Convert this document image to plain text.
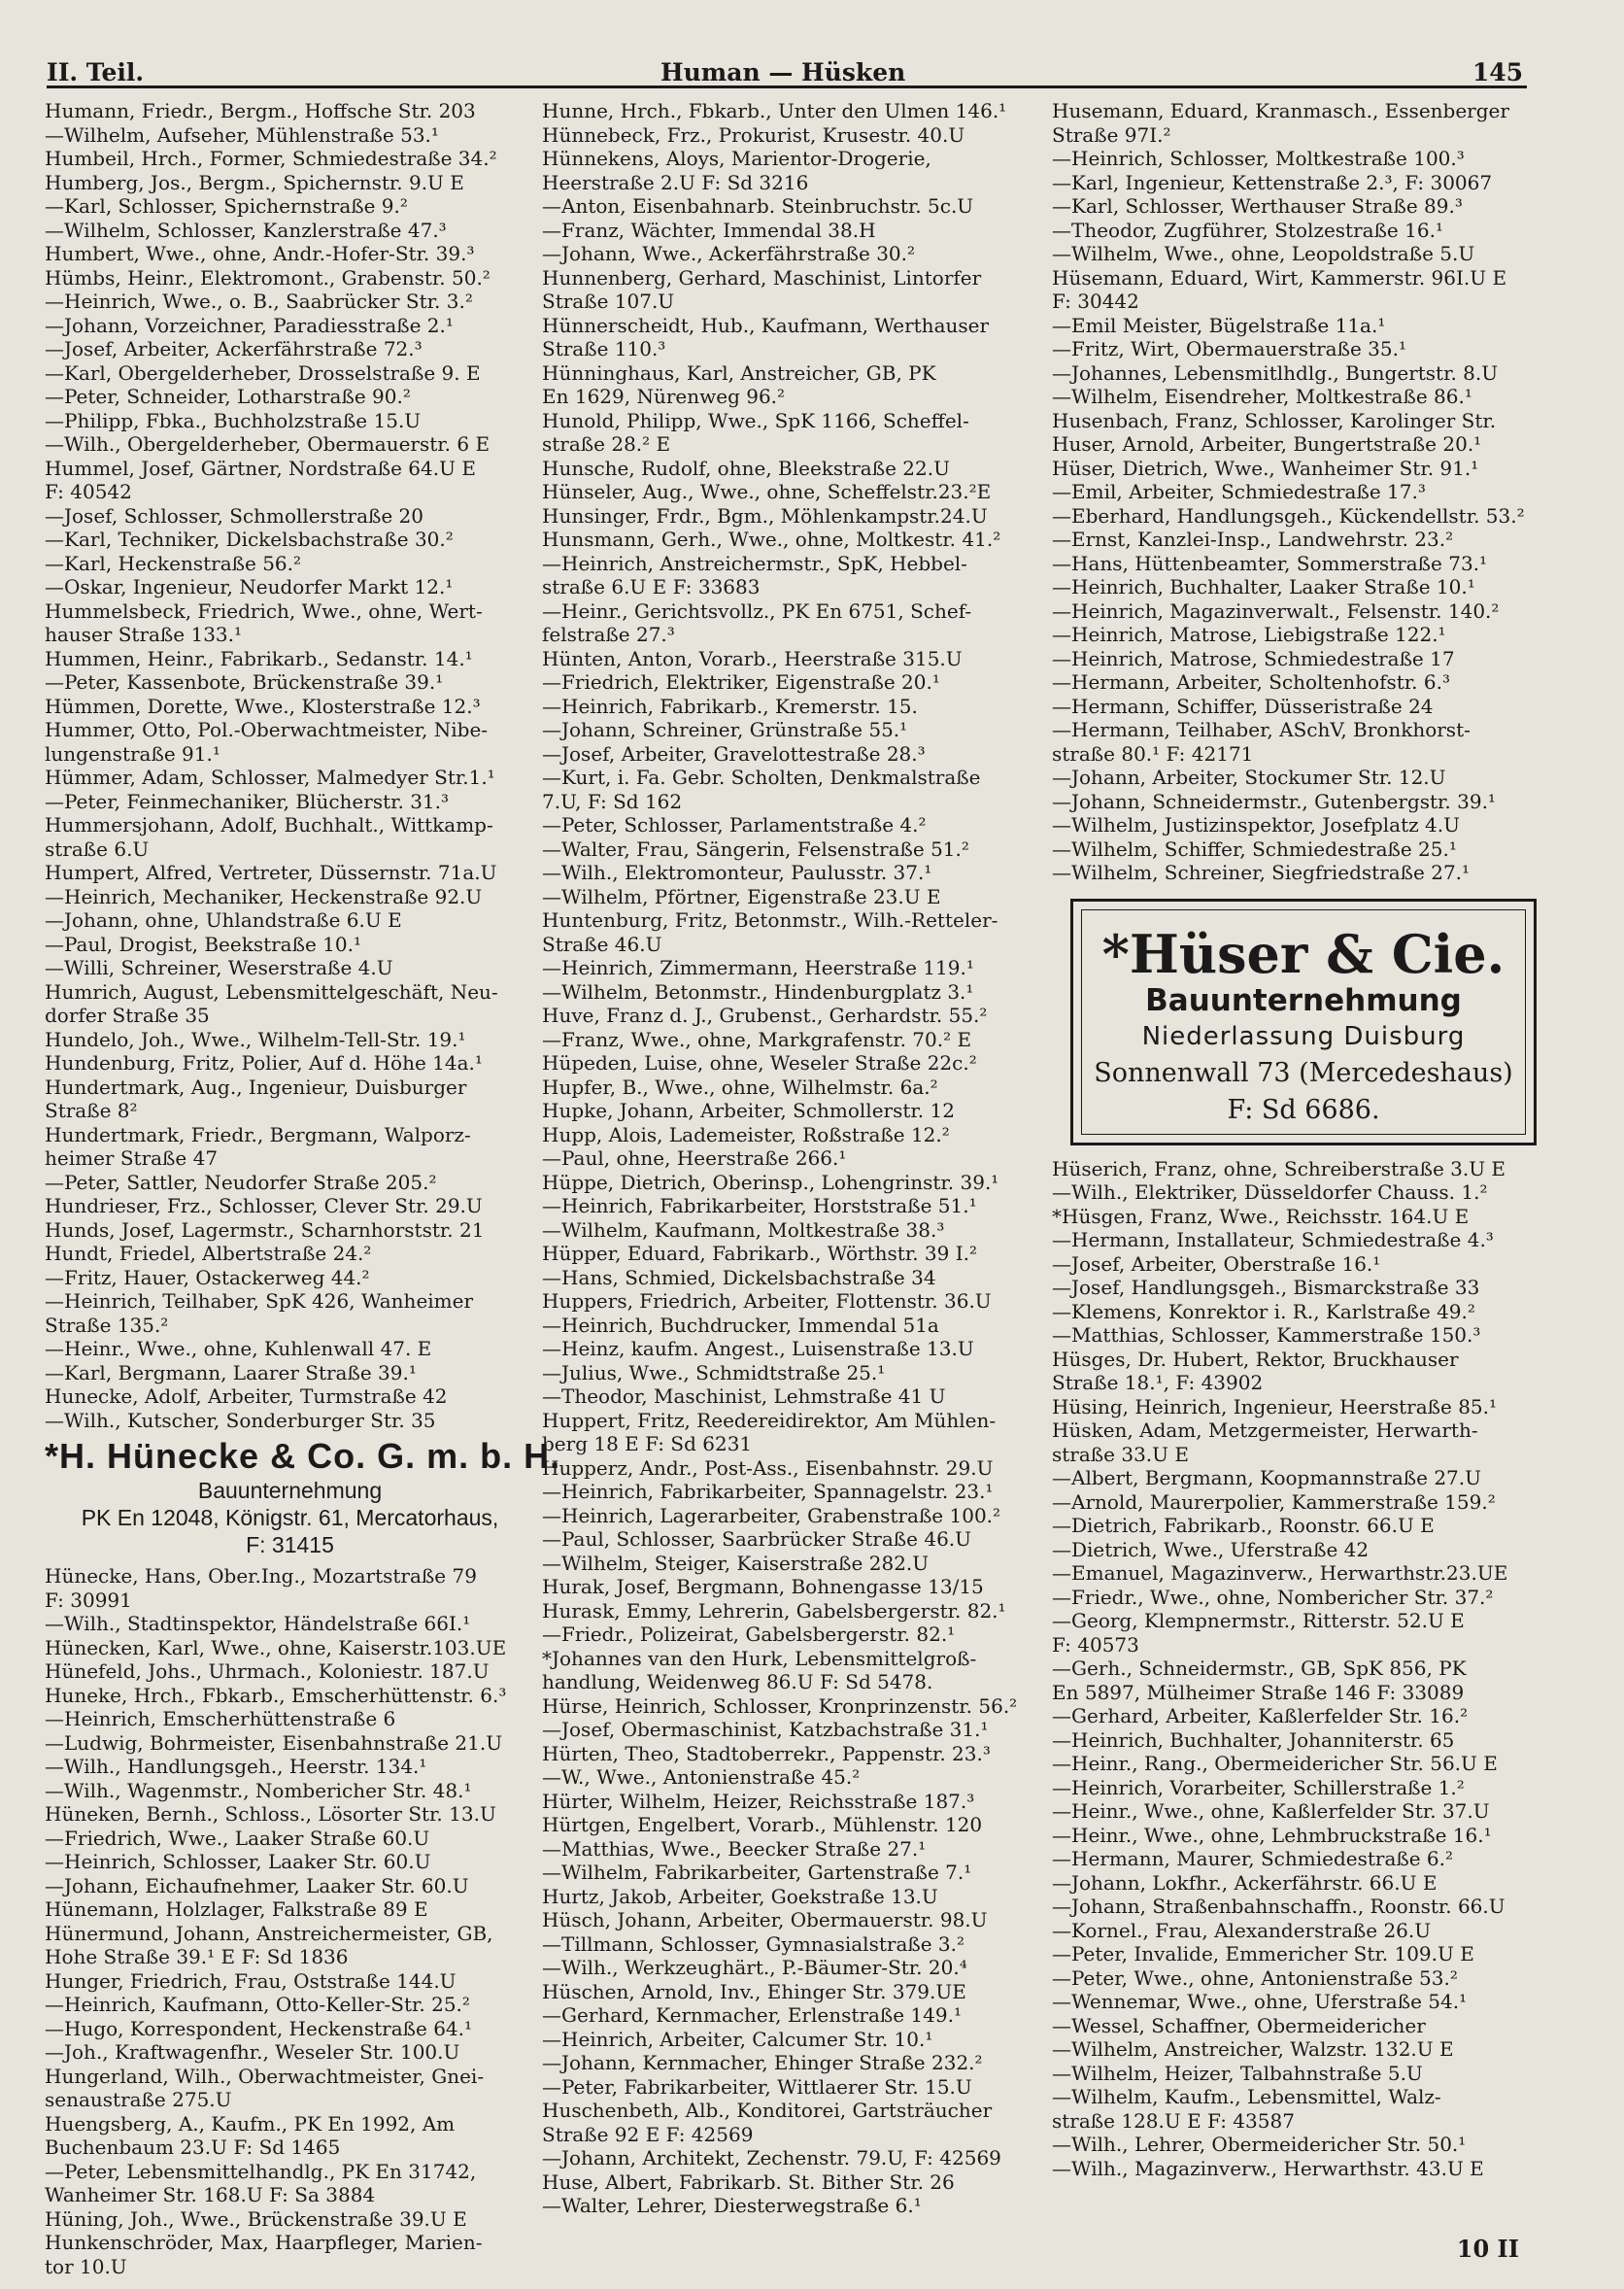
II. Teil.	Human — Hüsken	145

Humann, Friedr., Bergm., Hoffsche Str. 203

—Wilhelm, Aufseher, Mühlenstraße 53.¹

Humbeil, Hrch., Former, Schmiedestraße 34.²

Humberg, Jos., Bergm., Spichernstr. 9.U E

—Karl, Schlosser, Spichernstraße 9.²

—Wilhelm, Schlosser, Kanzlerstraße 47.³

Humbert, Wwe., ohne, Andr.-Hofer-Str. 39.³

Hümbs, Heinr., Elektromont., Grabenstr. 50.²

—Heinrich, Wwe., o. B., Saabrücker Str. 3.²

—Johann, Vorzeichner, Paradiesstraße 2.¹

—Josef, Arbeiter, Ackerfährstraße 72.³

—Karl, Obergelderheber, Drosselstraße 9. E

—Peter, Schneider, Lotharstraße 90.²

—Philipp, Fbka., Buchholzstraße 15.U

—Wilh., Obergelderheber, Obermauerstr. 6 E

Hummel, Josef, Gärtner, Nordstraße 64.U E

F: 40542

—Josef, Schlosser, Schmollerstraße 20

—Karl, Techniker, Dickelsbachstraße 30.²

—Karl, Heckenstraße 56.²

—Oskar, Ingenieur, Neudorfer Markt 12.¹

Hummelsbeck, Friedrich, Wwe., ohne, Wert-

hauser Straße 133.¹

Hummen, Heinr., Fabrikarb., Sedanstr. 14.¹

—Peter, Kassenbote, Brückenstraße 39.¹

Hümmen, Dorette, Wwe., Klosterstraße 12.³

Hummer, Otto, Pol.-Oberwachtmeister, Nibe-

lungenstraße 91.¹

Hümmer, Adam, Schlosser, Malmedyer Str.1.¹

—Peter, Feinmechaniker, Blücherstr. 31.³

Hummersjohann, Adolf, Buchhalt., Wittkamp-

straße 6.U

Humpert, Alfred, Vertreter, Düssernstr. 71a.U

—Heinrich, Mechaniker, Heckenstraße 92.U

—Johann, ohne, Uhlandstraße 6.U E

—Paul, Drogist, Beekstraße 10.¹

—Willi, Schreiner, Weserstraße 4.U

Humrich, August, Lebensmittelgeschäft, Neu-

dorfer Straße 35

Hundelo, Joh., Wwe., Wilhelm-Tell-Str. 19.¹

Hundenburg, Fritz, Polier, Auf d. Höhe 14a.¹

Hundertmark, Aug., Ingenieur, Duisburger

Straße 8²

Hundertmark, Friedr., Bergmann, Walporz-

heimer Straße 47

—Peter, Sattler, Neudorfer Straße 205.²

Hundrieser, Frz., Schlosser, Clever Str. 29.U

Hunds, Josef, Lagermstr., Scharnhorststr. 21

Hundt, Friedel, Albertstraße 24.²

—Fritz, Hauer, Ostackerweg 44.²

—Heinrich, Teilhaber, SpK 426, Wanheimer

Straße 135.²

—Heinr., Wwe., ohne, Kuhlenwall 47. E

—Karl, Bergmann, Laarer Straße 39.¹

Hunecke, Adolf, Arbeiter, Turmstraße 42

—Wilh., Kutscher, Sonderburger Str. 35

*H. Hünecke & Co. G. m. b. H.

Bauunternehmung

PK En 12048, Königstr. 61, Mercatorhaus,

F: 31415

Hünecke, Hans, Ober.Ing., Mozartstraße 79

F: 30991

—Wilh., Stadtinspektor, Händelstraße 66I.¹

Hünecken, Karl, Wwe., ohne, Kaiserstr.103.UE

Hünefeld, Johs., Uhrmach., Koloniestr. 187.U

Huneke, Hrch., Fbkarb., Emscherhüttenstr. 6.³

—Heinrich, Emscherhüttenstraße 6

—Ludwig, Bohrmeister, Eisenbahnstraße 21.U

—Wilh., Handlungsgeh., Heerstr. 134.¹

—Wilh., Wagenmstr., Nombericher Str. 48.¹

Hüneken, Bernh., Schloss., Lösorter Str. 13.U

—Friedrich, Wwe., Laaker Straße 60.U

—Heinrich, Schlosser, Laaker Str. 60.U

—Johann, Eichaufnehmer, Laaker Str. 60.U

Hünemann, Holzlager, Falkstraße 89 E

Hünermund, Johann, Anstreichermeister, GB,

Hohe Straße 39.¹ E F: Sd 1836

Hunger, Friedrich, Frau, Oststraße 144.U

—Heinrich, Kaufmann, Otto-Keller-Str. 25.²

—Hugo, Korrespondent, Heckenstraße 64.¹

—Joh., Kraftwagenfhr., Weseler Str. 100.U

Hungerland, Wilh., Oberwachtmeister, Gnei-

senaustraße 275.U

Huengsberg, A., Kaufm., PK En 1992, Am

Buchenbaum 23.U F: Sd 1465

—Peter, Lebensmittelhandlg., PK En 31742,

Wanheimer Str. 168.U F: Sa 3884

Hüning, Joh., Wwe., Brückenstraße 39.U E

Hunkenschröder, Max, Haarpfleger, Marien-

tor 10.U

Hunne, Hrch., Fbkarb., Unter den Ulmen 146.¹

Hünnebeck, Frz., Prokurist, Krusestr. 40.U

Hünnekens, Aloys, Marientor-Drogerie,

Heerstraße 2.U F: Sd 3216

—Anton, Eisenbahnarb. Steinbruchstr. 5c.U

—Franz, Wächter, Immendal 38.H

—Johann, Wwe., Ackerfährstraße 30.²

Hunnenberg, Gerhard, Maschinist, Lintorfer

Straße 107.U

Hünnerscheidt, Hub., Kaufmann, Werthauser

Straße 110.³

Hünninghaus, Karl, Anstreicher, GB, PK

En 1629, Nürenweg 96.²

Hunold, Philipp, Wwe., SpK 1166, Scheffel-

straße 28.² E

Hunsche, Rudolf, ohne, Bleekstraße 22.U

Hünseler, Aug., Wwe., ohne, Scheffelstr.23.²E

Hunsinger, Frdr., Bgm., Möhlenkampstr.24.U

Hunsmann, Gerh., Wwe., ohne, Moltkestr. 41.²

—Heinrich, Anstreichermstr., SpK, Hebbel-

straße 6.U E F: 33683

—Heinr., Gerichtsvollz., PK En 6751, Schef-

felstraße 27.³

Hünten, Anton, Vorarb., Heerstraße 315.U

—Friedrich, Elektriker, Eigenstraße 20.¹

—Heinrich, Fabrikarb., Kremerstr. 15.

—Johann, Schreiner, Grünstraße 55.¹

—Josef, Arbeiter, Gravelottestraße 28.³

—Kurt, i. Fa. Gebr. Scholten, Denkmalstraße

7.U, F: Sd 162

—Peter, Schlosser, Parlamentstraße 4.²

—Walter, Frau, Sängerin, Felsenstraße 51.²

—Wilh., Elektromonteur, Paulusstr. 37.¹

—Wilhelm, Pförtner, Eigenstraße 23.U E

Huntenburg, Fritz, Betonmstr., Wilh.-Retteler-

Straße 46.U

—Heinrich, Zimmermann, Heerstraße 119.¹

—Wilhelm, Betonmstr., Hindenburgplatz 3.¹

Huve, Franz d. J., Grubenst., Gerhardstr. 55.²

—Franz, Wwe., ohne, Markgrafenstr. 70.² E

Hüpeden, Luise, ohne, Weseler Straße 22c.²

Hupfer, B., Wwe., ohne, Wilhelmstr. 6a.²

Hupke, Johann, Arbeiter, Schmollerstr. 12

Hupp, Alois, Lademeister, Roßstraße 12.²

—Paul, ohne, Heerstraße 266.¹

Hüppe, Dietrich, Oberinsp., Lohengrinstr. 39.¹

—Heinrich, Fabrikarbeiter, Horststraße 51.¹

—Wilhelm, Kaufmann, Moltkestraße 38.³

Hüpper, Eduard, Fabrikarb., Wörthstr. 39 I.²

—Hans, Schmied, Dickelsbachstraße 34

Huppers, Friedrich, Arbeiter, Flottenstr. 36.U

—Heinrich, Buchdrucker, Immendal 51a

—Heinz, kaufm. Angest., Luisenstraße 13.U

—Julius, Wwe., Schmidtstraße 25.¹

—Theodor, Maschinist, Lehmstraße 41 U

Huppert, Fritz, Reedereidirektor, Am Mühlen-

berg 18 E F: Sd 6231

Hupperz, Andr., Post-Ass., Eisenbahnstr. 29.U

—Heinrich, Fabrikarbeiter, Spannagelstr. 23.¹

—Heinrich, Lagerarbeiter, Grabenstraße 100.²

—Paul, Schlosser, Saarbrücker Straße 46.U

—Wilhelm, Steiger, Kaiserstraße 282.U

Hurak, Josef, Bergmann, Bohnengasse 13/15

Hurask, Emmy, Lehrerin, Gabelsbergerstr. 82.¹

—Friedr., Polizeirat, Gabelsbergerstr. 82.¹

*Johannes van den Hurk, Lebensmittelgroß-

handlung, Weidenweg 86.U F: Sd 5478.

Hürse, Heinrich, Schlosser, Kronprinzenstr. 56.²

—Josef, Obermaschinist, Katzbachstraße 31.¹

Hürten, Theo, Stadtoberrekr., Pappenstr. 23.³

—W., Wwe., Antonienstraße 45.²

Hürter, Wilhelm, Heizer, Reichsstraße 187.³

Hürtgen, Engelbert, Vorarb., Mühlenstr. 120

—Matthias, Wwe., Beecker Straße 27.¹

—Wilhelm, Fabrikarbeiter, Gartenstraße 7.¹

Hurtz, Jakob, Arbeiter, Goekstraße 13.U

Hüsch, Johann, Arbeiter, Obermauerstr. 98.U

—Tillmann, Schlosser, Gymnasialstraße 3.²

—Wilh., Werkzeughärt., P.-Bäumer-Str. 20.⁴

Hüschen, Arnold, Inv., Ehinger Str. 379.UE

—Gerhard, Kernmacher, Erlenstraße 149.¹

—Heinrich, Arbeiter, Calcumer Str. 10.¹

—Johann, Kernmacher, Ehinger Straße 232.²

—Peter, Fabrikarbeiter, Wittlaerer Str. 15.U

Huschenbeth, Alb., Konditorei, Gartsträucher

Straße 92 E F: 42569

—Johann, Architekt, Zechenstr. 79.U, F: 42569

Huse, Albert, Fabrikarb. St. Bither Str. 26

—Walter, Lehrer, Diesterwegstraße 6.¹

Husemann, Eduard, Kranmasch., Essenberger

Straße 97I.²

—Heinrich, Schlosser, Moltkestraße 100.³

—Karl, Ingenieur, Kettenstraße 2.³, F: 30067

—Karl, Schlosser, Werthauser Straße 89.³

—Theodor, Zugführer, Stolzestraße 16.¹

—Wilhelm, Wwe., ohne, Leopoldstraße 5.U

Hüsemann, Eduard, Wirt, Kammerstr. 96I.U E

F: 30442

—Emil Meister, Bügelstraße 11a.¹

—Fritz, Wirt, Obermauerstraße 35.¹

—Johannes, Lebensmitlhdlg., Bungertstr. 8.U

—Wilhelm, Eisendreher, Moltkestraße 86.¹

Husenbach, Franz, Schlosser, Karolinger Str.

Huser, Arnold, Arbeiter, Bungertstraße 20.¹

Hüser, Dietrich, Wwe., Wanheimer Str. 91.¹

—Emil, Arbeiter, Schmiedestraße 17.³

—Eberhard, Handlungsgeh., Kückendellstr. 53.²

—Ernst, Kanzlei-Insp., Landwehrstr. 23.²

—Hans, Hüttenbeamter, Sommerstraße 73.¹

—Heinrich, Buchhalter, Laaker Straße 10.¹

—Heinrich, Magazinverwalt., Felsenstr. 140.²

—Heinrich, Matrose, Liebigstraße 122.¹

—Heinrich, Matrose, Schmiedestraße 17

—Hermann, Arbeiter, Scholtenhofstr. 6.³

—Hermann, Schiffer, Düsseristraße 24

—Hermann, Teilhaber, ASchV, Bronkhorst-

straße 80.¹ F: 42171

—Johann, Arbeiter, Stockumer Str. 12.U

—Johann, Schneidermstr., Gutenbergstr. 39.¹

—Wilhelm, Justizinspektor, Josefplatz 4.U

—Wilhelm, Schiffer, Schmiedestraße 25.¹

—Wilhelm, Schreiner, Siegfriedstraße 27.¹

Hüserich, Franz, ohne, Schreiberstraße 3.U E

—Wilh., Elektriker, Düsseldorfer Chauss. 1.²

*Hüsgen, Franz, Wwe., Reichsstr. 164.U E

—Hermann, Installateur, Schmiedestraße 4.³

—Josef, Arbeiter, Oberstraße 16.¹

—Josef, Handlungsgeh., Bismarckstraße 33

—Klemens, Konrektor i. R., Karlstraße 49.²

—Matthias, Schlosser, Kammerstraße 150.³

Hüsges, Dr. Hubert, Rektor, Bruckhauser

Straße 18.¹, F: 43902

Hüsing, Heinrich, Ingenieur, Heerstraße 85.¹

Hüsken, Adam, Metzgermeister, Herwarth-

straße 33.U E

—Albert, Bergmann, Koopmannstraße 27.U

—Arnold, Maurerpolier, Kammerstraße 159.²

—Dietrich, Fabrikarb., Roonstr. 66.U E

—Dietrich, Wwe., Uferstraße 42

—Emanuel, Magazinverw., Herwarthstr.23.UE

—Friedr., Wwe., ohne, Nombericher Str. 37.²

—Georg, Klempnermstr., Ritterstr. 52.U E

F: 40573

—Gerh., Schneidermstr., GB, SpK 856, PK

En 5897, Mülheimer Straße 146 F: 33089

—Gerhard, Arbeiter, Kaßlerfelder Str. 16.²

—Heinrich, Buchhalter, Johanniterstr. 65

—Heinr., Rang., Obermeidericher Str. 56.U E

—Heinrich, Vorarbeiter, Schillerstraße 1.²

—Heinr., Wwe., ohne, Kaßlerfelder Str. 37.U

—Heinr., Wwe., ohne, Lehmbruckstraße 16.¹

—Hermann, Maurer, Schmiedestraße 6.²

—Johann, Lokfhr., Ackerfährstr. 66.U E

—Johann, Straßenbahnschaffn., Roonstr. 66.U

—Kornel., Frau, Alexanderstraße 26.U

—Peter, Invalide, Emmericher Str. 109.U E

—Peter, Wwe., ohne, Antonienstraße 53.²

—Wennemar, Wwe., ohne, Uferstraße 54.¹

—Wessel, Schaffner, Obermeidericher

—Wilhelm, Anstreicher, Walzstr. 132.U E

—Wilhelm, Heizer, Talbahnstraße 5.U

—Wilhelm, Kaufm., Lebensmittel, Walz-

straße 128.U E F: 43587

—Wilh., Lehrer, Obermeidericher Str. 50.¹

—Wilh., Magazinverw., Herwarthstr. 43.U E

*Hüser & Cie.

Bauunternehmung

Niederlassung Duisburg

Sonnenwall 73 (Mercedeshaus)

F: Sd 6686.

10 II
